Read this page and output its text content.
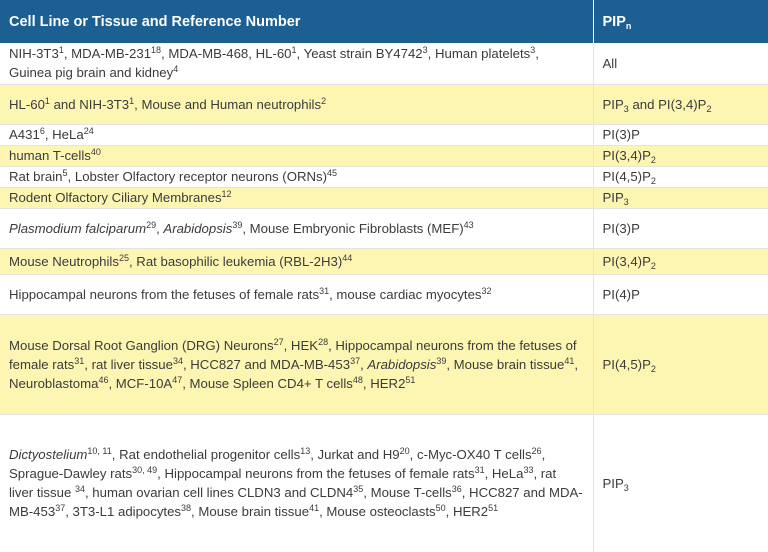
Cell Line or Tissue and Reference Number	$PIP_n$
NIH-$3T3^1$, MDA-$MB-231^{18}$, MDA-MB-468, $HL-60^1$, Yeast strain BY4742$^3$, Human platelets$^3$, Guinea pig brain and kidney$^4$	All
$HL-60^1$ and NIH-$3T3^1$, Mouse and Human neutrophils$^2$	$PIP_3$ and $PI(3,4)P_2$
$A431^6$, HeLa$^{24}$	PI(3)P
human T-cells$^{40}$	$PI(3,4)P_2$
Rat brain$^5$, Lobster Olfactory receptor neurons (ORNs)$^{45}$	$PI(4,5)P_2$
Rodent Olfactory Ciliary Membranes$^{12}$	$PIP_3$
Plasmodium falciparum$^{29}$, Arabidopsis$^{39}$, Mouse Embryonic Fibroblasts (MEF)$^{43}$	PI(3)P
Mouse Neutrophils$^{25}$, Rat basophilic leukemia $(RBL-2H3)^{44}$	$PI(3,4)P_2$
Hippocampal neurons from the fetuses of female rats$^{31}$, mouse cardiac myocytes$^{32}$	PI(4)P
Mouse Dorsal Root Ganglion (DRG) Neurons$^{27}$, HEK$^{28}$, Hippocampal neurons from the fetuses of female rats$^{31}$, rat liver tissue$^{34}$, HCC827 and MDA-$MB-453^{37}$, Arabidopsis$^{39}$, Mouse brain tissue$^{41}$, Neuroblastoma$^{46}$, MCF-$10A^{47}$, Mouse Spleen CD4+ T cells$^{48}$, $HER2^{51}$	$PI(4,5)P_2$
Dictyostelium$^{10, 11}$, Rat endothelial progenitor cells$^{13}$, Jurkat and $H9^{20}$, c-Myc-OX40 T cells$^{26}$, Sprague-Dawley rats$^{30, 49}$, Hippocampal neurons from the fetuses of female rats$^{31}$, HeLa$^{33}$, rat liver tissue $^{34}$, human ovarian cell lines CLDN3 and $CLDN4^{35}$, Mouse T-cells$^{36}$, HCC827 and MDA-$MB-453^{37}$, 3T3-L1 adipocytes$^{38}$, Mouse brain tissue$^{41}$, Mouse osteoclasts$^{50}$, $HER2^{51}$	$PIP_3$
